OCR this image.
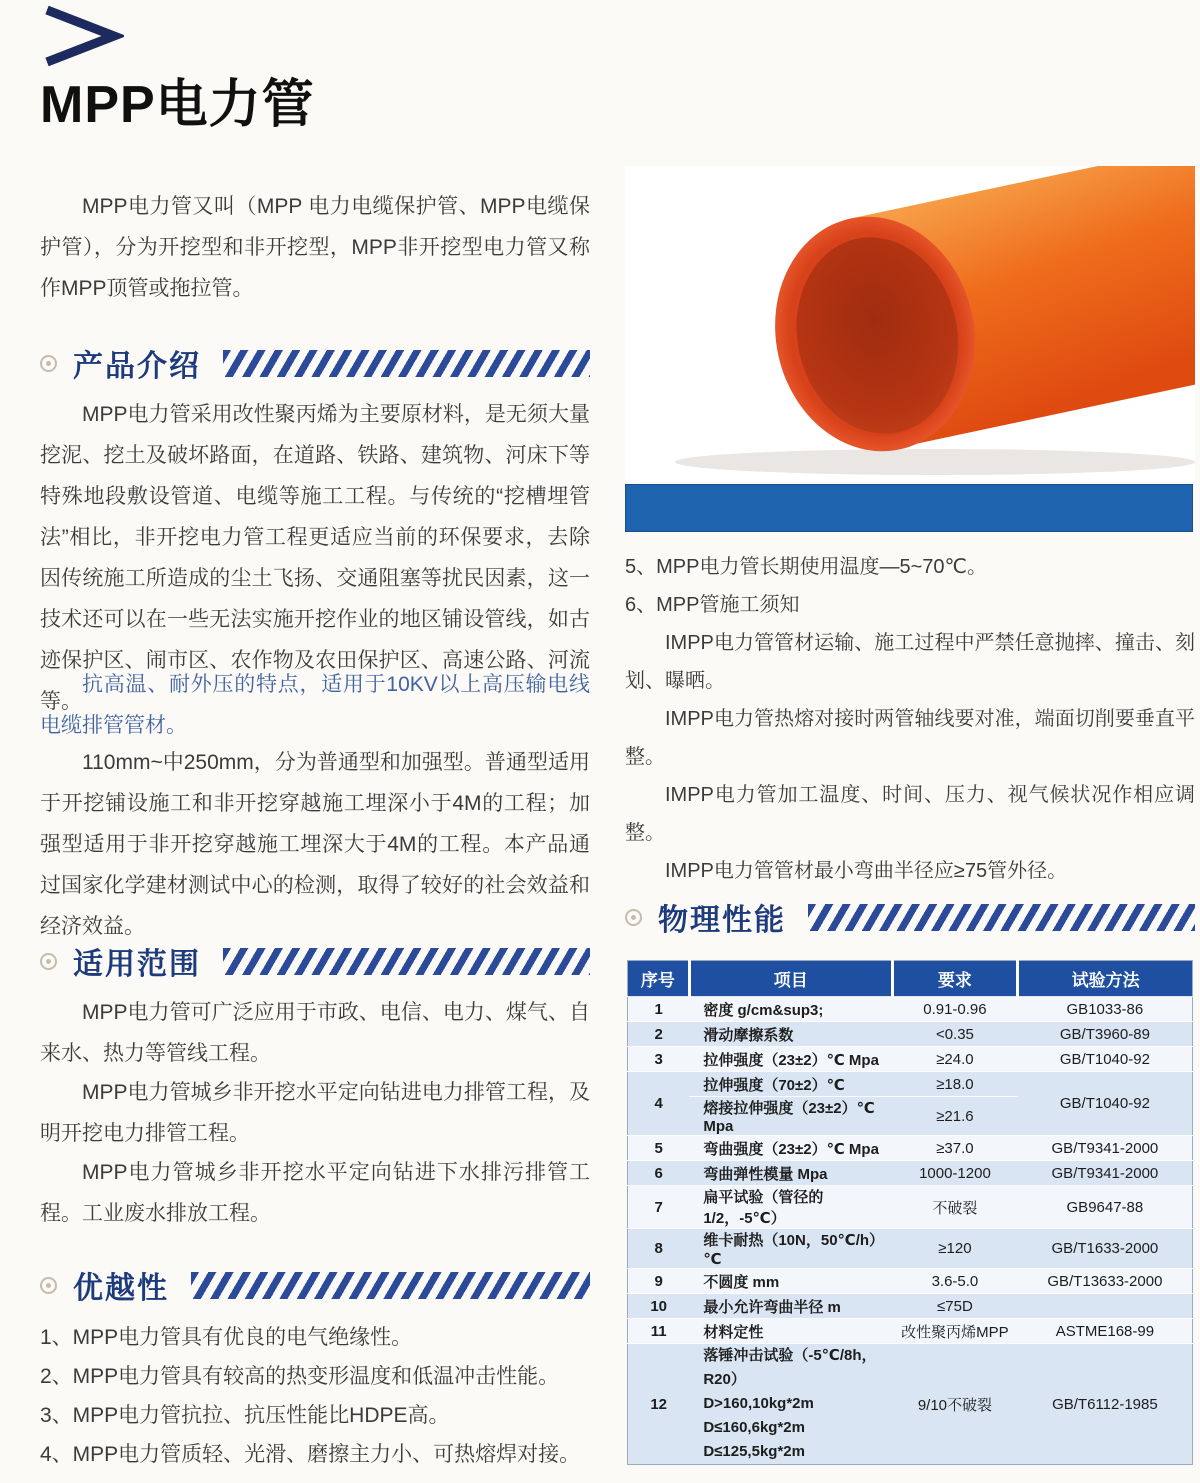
MPP电力管

MPP电力管又叫（MPP 电力电缆保护管、MPP电缆保护管），分为开挖型和非开挖型，MPP非开挖型电力管又称作MPP顶管或拖拉管。

产品介绍

MPP电力管采用改性聚丙烯为主要原材料，是无须大量挖泥、挖土及破坏路面，在道路、铁路、建筑物、河床下等特殊地段敷设管道、电缆等施工工程。与传统的“挖槽埋管法”相比，非开挖电力管工程更适应当前的环保要求，去除因传统施工所造成的尘土飞扬、交通阻塞等扰民因素，这一技术还可以在一些无法实施开挖作业的地区铺设管线，如古迹保护区、闹市区、农作物及农田保护区、高速公路、河流等。

抗高温、耐外压的特点，适用于10KV以上高压输电线电缆排管管材。

110mm~中250mm，分为普通型和加强型。普通型适用于开挖铺设施工和非开挖穿越施工埋深小于4M的工程；加强型适用于非开挖穿越施工埋深大于4M的工程。本产品通过国家化学建材测试中心的检测，取得了较好的社会效益和经济效益。

适用范围

MPP电力管可广泛应用于市政、电信、电力、煤气、自来水、热力等管线工程。

MPP电力管城乡非开挖水平定向钻进电力排管工程，及明开挖电力排管工程。

MPP电力管城乡非开挖水平定向钻进下水排污排管工程。工业废水排放工程。

优越性
1、MPP电力管具有优良的电气绝缘性。
2、MPP电力管具有较高的热变形温度和低温冲击性能。
3、MPP电力管抗拉、抗压性能比HDPE高。
4、MPP电力管质轻、光滑、磨擦主力小、可热熔焊对接。

5、MPP电力管长期使用温度—5~70℃。

6、MPP管施工须知

IMPP电力管管材运输、施工过程中严禁任意抛摔、撞击、刻划、曝晒。

IMPP电力管热熔对接时两管轴线要对准，端面切削要垂直平整。

IMPP电力管加工温度、时间、压力、视气候状况作相应调整。

IMPP电力管管材最小弯曲半径应≥75管外径。

物理性能
序号	项目	要求	试验方法
1	密度 g/cm&sup3;	0.91-0.96	GB1033-86
2	滑动摩擦系数	<0.35	GB/T3960-89
3	拉伸强度（23±2）℃ Mpa	≥24.0	GB/T1040-92
4	拉伸强度（70±2）℃	≥18.0	GB/T1040-92
	熔接拉伸强度（23±2）℃ Mpa	≥21.6	
5	弯曲强度（23±2）℃ Mpa	≥37.0	GB/T9341-2000
6	弯曲弹性模量 Mpa	1000-1200	GB/T9341-2000
7	扁平试验（管径的1/2，-5℃）	不破裂	GB9647-88
8	维卡耐热（10N，50℃/h）℃	≥120	GB/T1633-2000
9	不圆度 mm	3.6-5.0	GB/T13633-2000
10	最小允许弯曲半径 m	≤75D	
11	材料定性	改性聚丙烯MPP	ASTME168-99
12	落锤冲击试验（-5℃/8h，R20）
D>160,10kg*2m
D≤160,6kg*2m
D≤125,5kg*2m	9/10不破裂	GB/T6112-1985
